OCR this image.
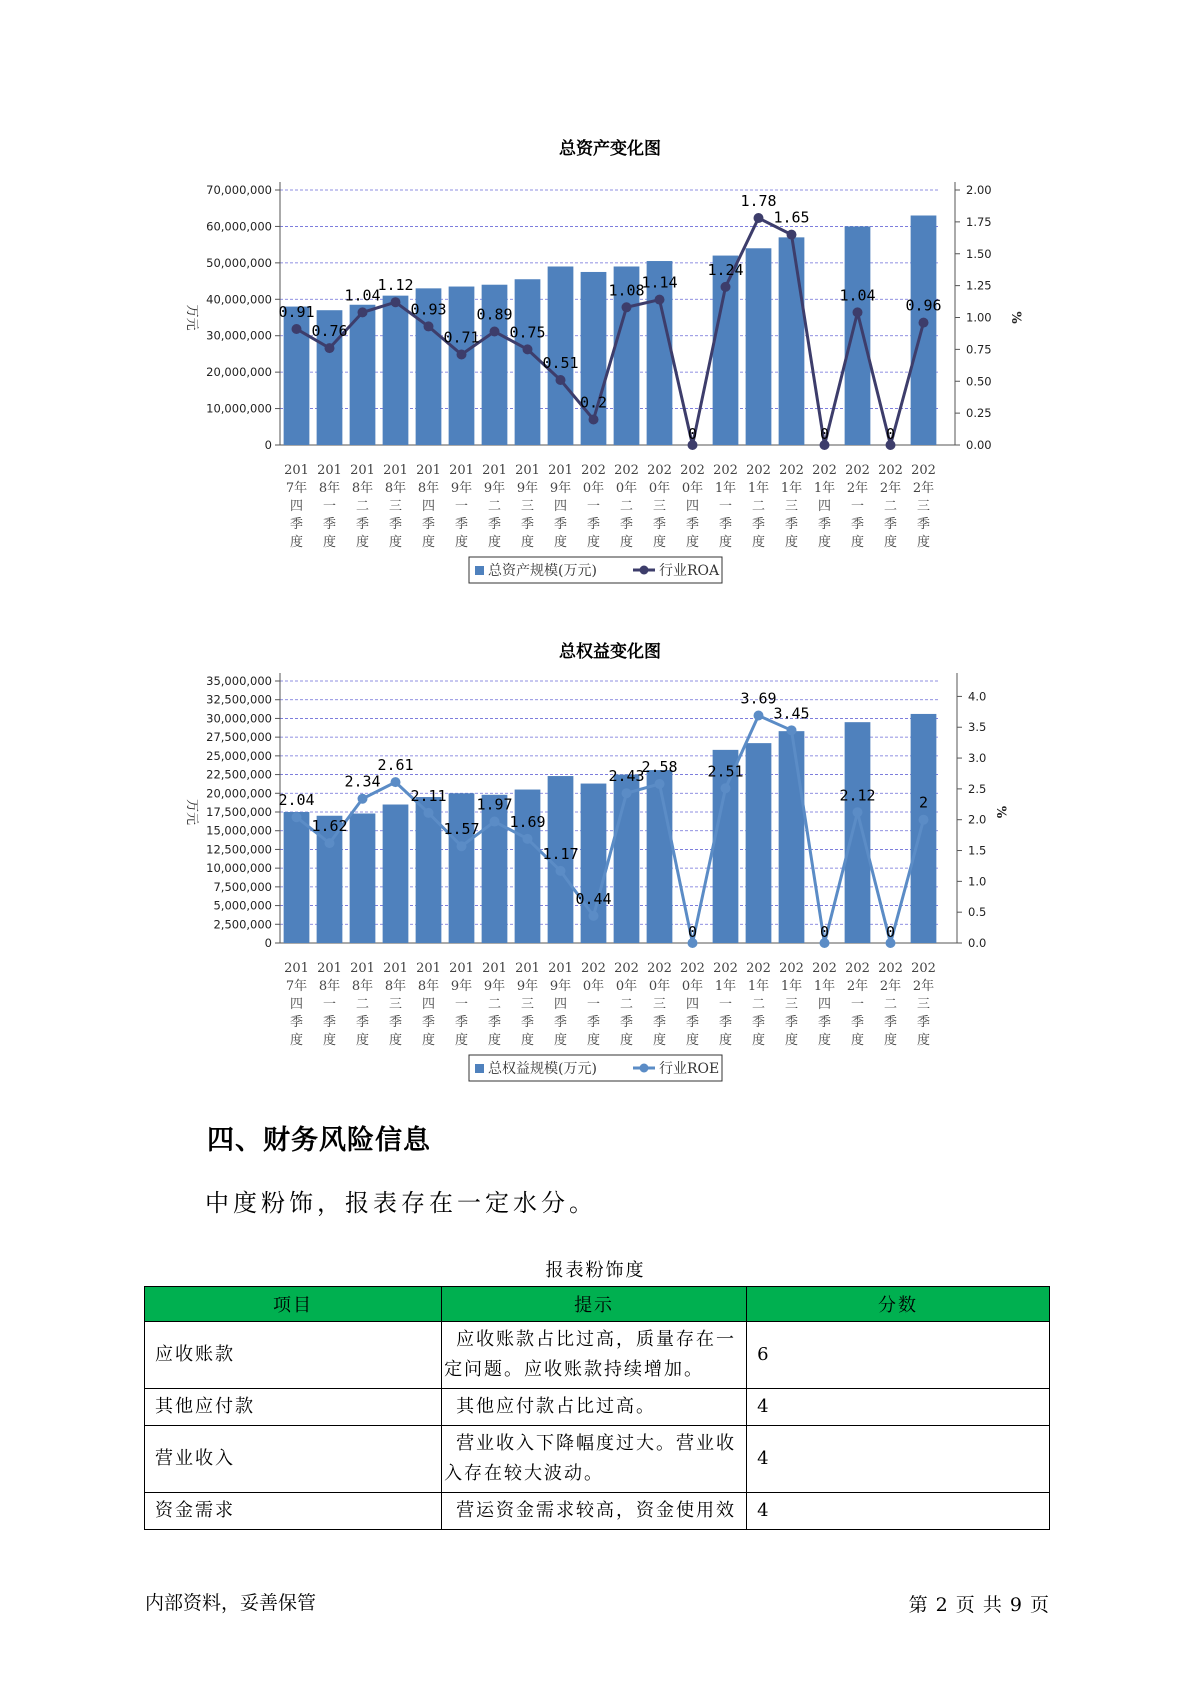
总资产变化图
0
10,000,000
20,000,000
30,000,000
40,000,000
50,000,000
60,000,000
70,000,000
0.00
0.25
0.50
0.75
1.00
1.25
1.50
1.75
2.00
万元	%
0.91
0.76
1.04
1.12
0.93
0.71
0.89
0.75
0.51
0.2
1.08
1.14
0
1.24
1.78
1.65
0
1.04
0
0.96
201
7年
四
季
度
201
8年
一
季
度
201
8年
二
季
度
201
8年
三
季
度
201
8年
四
季
度
201
9年
一
季
度
201
9年
二
季
度
201
9年
三
季
度
201
9年
四
季
度
202
0年
一
季
度
202
0年
二
季
度
202
0年
三
季
度
202
0年
四
季
度
202
1年
一
季
度
202
1年
二
季
度
202
1年
三
季
度
202
1年
四
季
度
202
2年
一
季
度
202
2年
二
季
度
202
2年
三
季
度
总资产规模(万元)	行业ROA
总权益变化图
0
2,500,000
5,000,000
7,500,000
10,000,000
12,500,000
15,000,000
17,500,000
20,000,000
22,500,000
25,000,000
27,500,000
30,000,000
32,500,000
35,000,000
0.0
0.5
1.0
1.5
2.0
2.5
3.0
3.5
4.0
万元	%
2.04
1.62
2.34
2.61
2.11
1.57
1.97
1.69
1.17
0.44
2.43
2.58
0
2.51
3.69
3.45
0
2.12
0
2
201
7年
四
季
度
201
8年
一
季
度
201
8年
二
季
度
201
8年
三
季
度
201
8年
四
季
度
201
9年
一
季
度
201
9年
二
季
度
201
9年
三
季
度
201
9年
四
季
度
202
0年
一
季
度
202
0年
二
季
度
202
0年
三
季
度
202
0年
四
季
度
202
1年
一
季
度
202
1年
二
季
度
202
1年
三
季
度
202
1年
四
季
度
202
2年
一
季
度
202
2年
二
季
度
202
2年
三
季
度
总权益规模(万元)	行业ROE
四、财务风险信息

中度粉饰，报表存在一定水分。

报表粉饰度
项目	提示	分数
应收账款	应收账款占比过高，质量存在一定问题。应收账款持续增加。	6
其他应付款	其他应付款占比过高。	4
营业收入	营业收入下降幅度过大。营业收入存在较大波动。	4
资金需求	营运资金需求较高，资金使用效	4
内部资料，妥善保管	第 2 页 共 9 页
